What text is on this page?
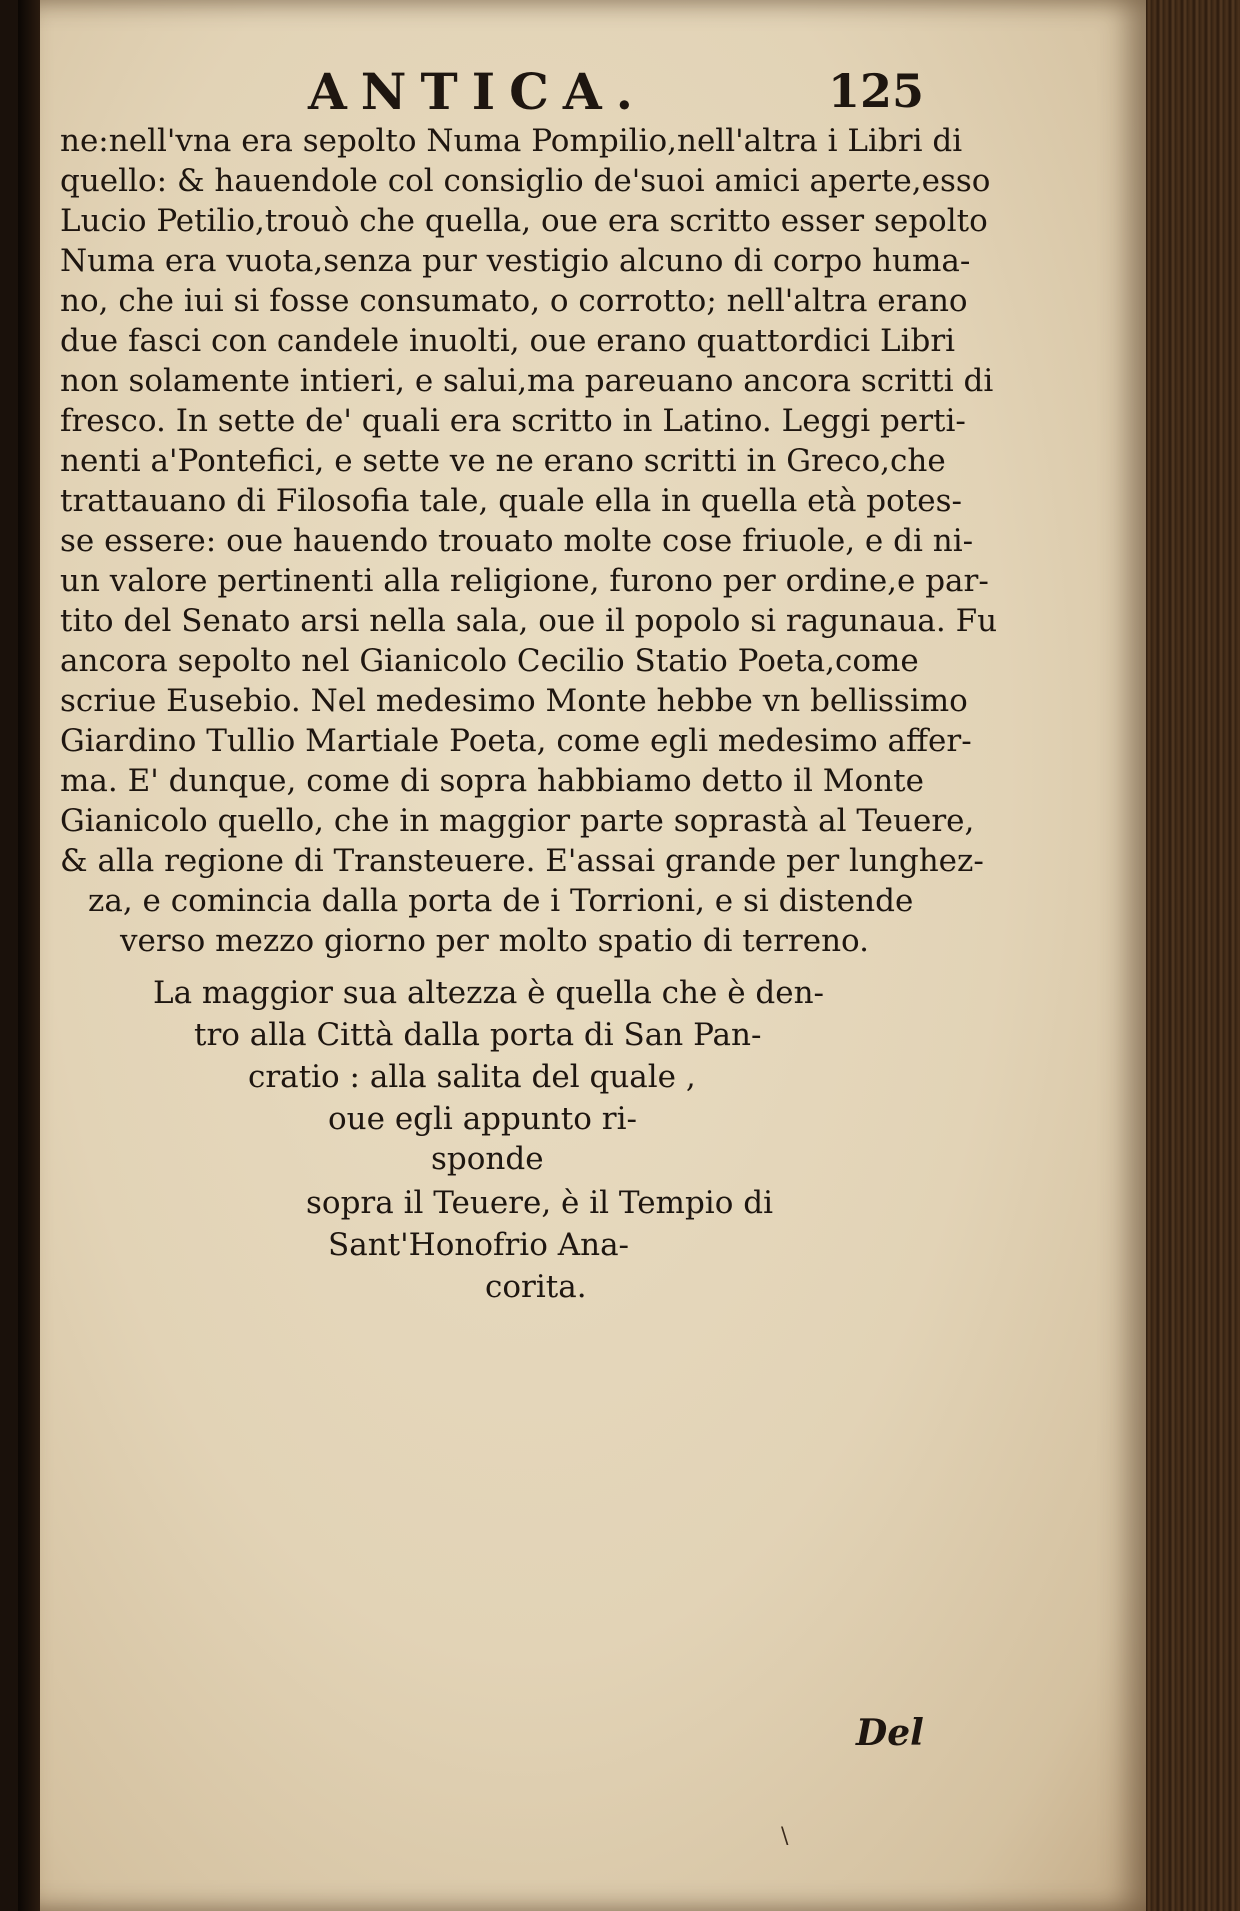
ANTICA.	125
ne:nell'vna era sepolto Numa Pompilio,nell'altra i Libri di
quello: & hauendole col consiglio de'suoi amici aperte,esso
Lucio Petilio,trouò che quella, oue era scritto esser sepolto
Numa era vuota,senza pur vestigio alcuno di corpo huma-
no, che iui si fosse consumato, o corrotto; nell'altra erano
due fasci con candele inuolti, oue erano quattordici Libri
non solamente intieri, e salui,ma pareuano ancora scritti di
fresco. In sette de' quali era scritto in Latino. Leggi perti-
nenti a'Pontefici, e sette ve ne erano scritti in Greco,che
trattauano di Filosofia tale, quale ella in quella età potes-
se essere: oue hauendo trouato molte cose friuole, e di ni-
un valore pertinenti alla religione, furono per ordine,e par-
tito del Senato arsi nella sala, oue il popolo si ragunaua. Fu
ancora sepolto nel Gianicolo Cecilio Statio Poeta,come
scriue Eusebio. Nel medesimo Monte hebbe vn bellissimo
Giardino Tullio Martiale Poeta, come egli medesimo affer-
ma. E' dunque, come di sopra habbiamo detto il Monte
Gianicolo quello, che in maggior parte soprastà al Teuere,
& alla regione di Transteuere. E'assai grande per lunghez-
za, e comincia dalla porta de i Torrioni, e si distende
verso mezzo giorno per molto spatio di terreno.
La maggior sua altezza è quella che è den-
tro alla Città dalla porta di San Pan-
cratio : alla salita del quale ,
oue egli appunto ri-
sponde
sopra il Teuere, è il Tempio di
Sant'Honofrio Ana-
corita.
Del
\
